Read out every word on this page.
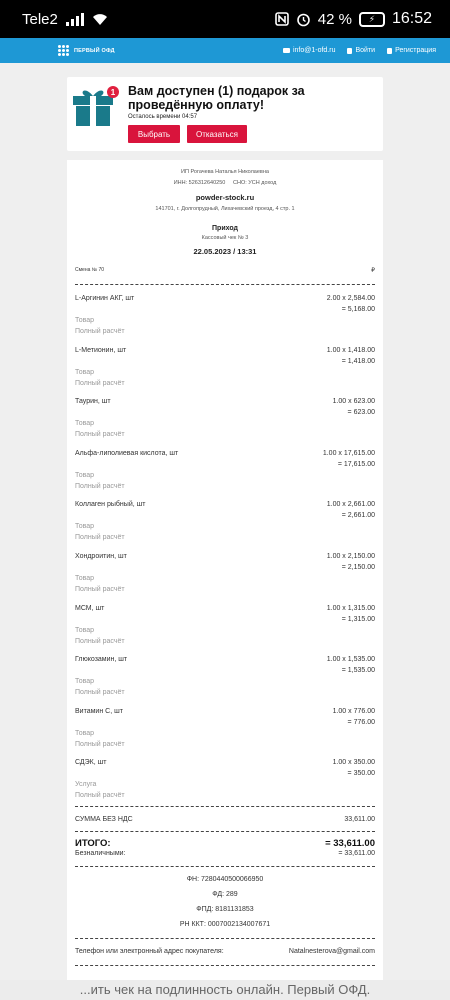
Tele2	42 %	⚡	16:52
ПЕРВЫЙ ОФД	info@1-ofd.ru	Войти	Регистрация
1	Вам доступен (1) подарок за проведённую оплату!
Осталось времени 04:57
Выбрать	Отказаться
ИП Рогачева Наталья Николаевна
ИНН: 526312640250 СНО: УСН доход
powder-stock.ru
141701, г. Долгопрудный, Лихачевский проезд, 4 стр. 1
Приход
Кассовый чек № 3
22.05.2023 / 13:31
Смена № 70	₽
L-Аргинин АКГ, шт	2.00 x 2,584.00
= 5,168.00
Товар
Полный расчёт
L-Метионин, шт	1.00 x 1,418.00
= 1,418.00
Товар
Полный расчёт
Таурин, шт	1.00 x 623.00
= 623.00
Товар
Полный расчёт
Альфа-липолиевая кислота, шт	1.00 x 17,615.00
= 17,615.00
Товар
Полный расчёт
Коллаген рыбный, шт	1.00 x 2,661.00
= 2,661.00
Товар
Полный расчёт
Хондроитин, шт	1.00 x 2,150.00
= 2,150.00
Товар
Полный расчёт
МСМ, шт	1.00 x 1,315.00
= 1,315.00
Товар
Полный расчёт
Глюкозамин, шт	1.00 x 1,535.00
= 1,535.00
Товар
Полный расчёт
Витамин С, шт	1.00 x 776.00
= 776.00
Товар
Полный расчёт
СДЭК, шт	1.00 x 350.00
= 350.00
Услуга
Полный расчёт
СУММА БЕЗ НДС	33,611.00
ИТОГО:	= 33,611.00
Безналичными:	= 33,611.00
ФН: 7280440500066950
ФД: 289
ФПД: 8181131853
РН ККТ: 0007002134007671
Телефон или электронный адрес покупателя:	Natalnesterova@gmail.com
...ить чек на подлинность онлайн. Первый ОФД.
